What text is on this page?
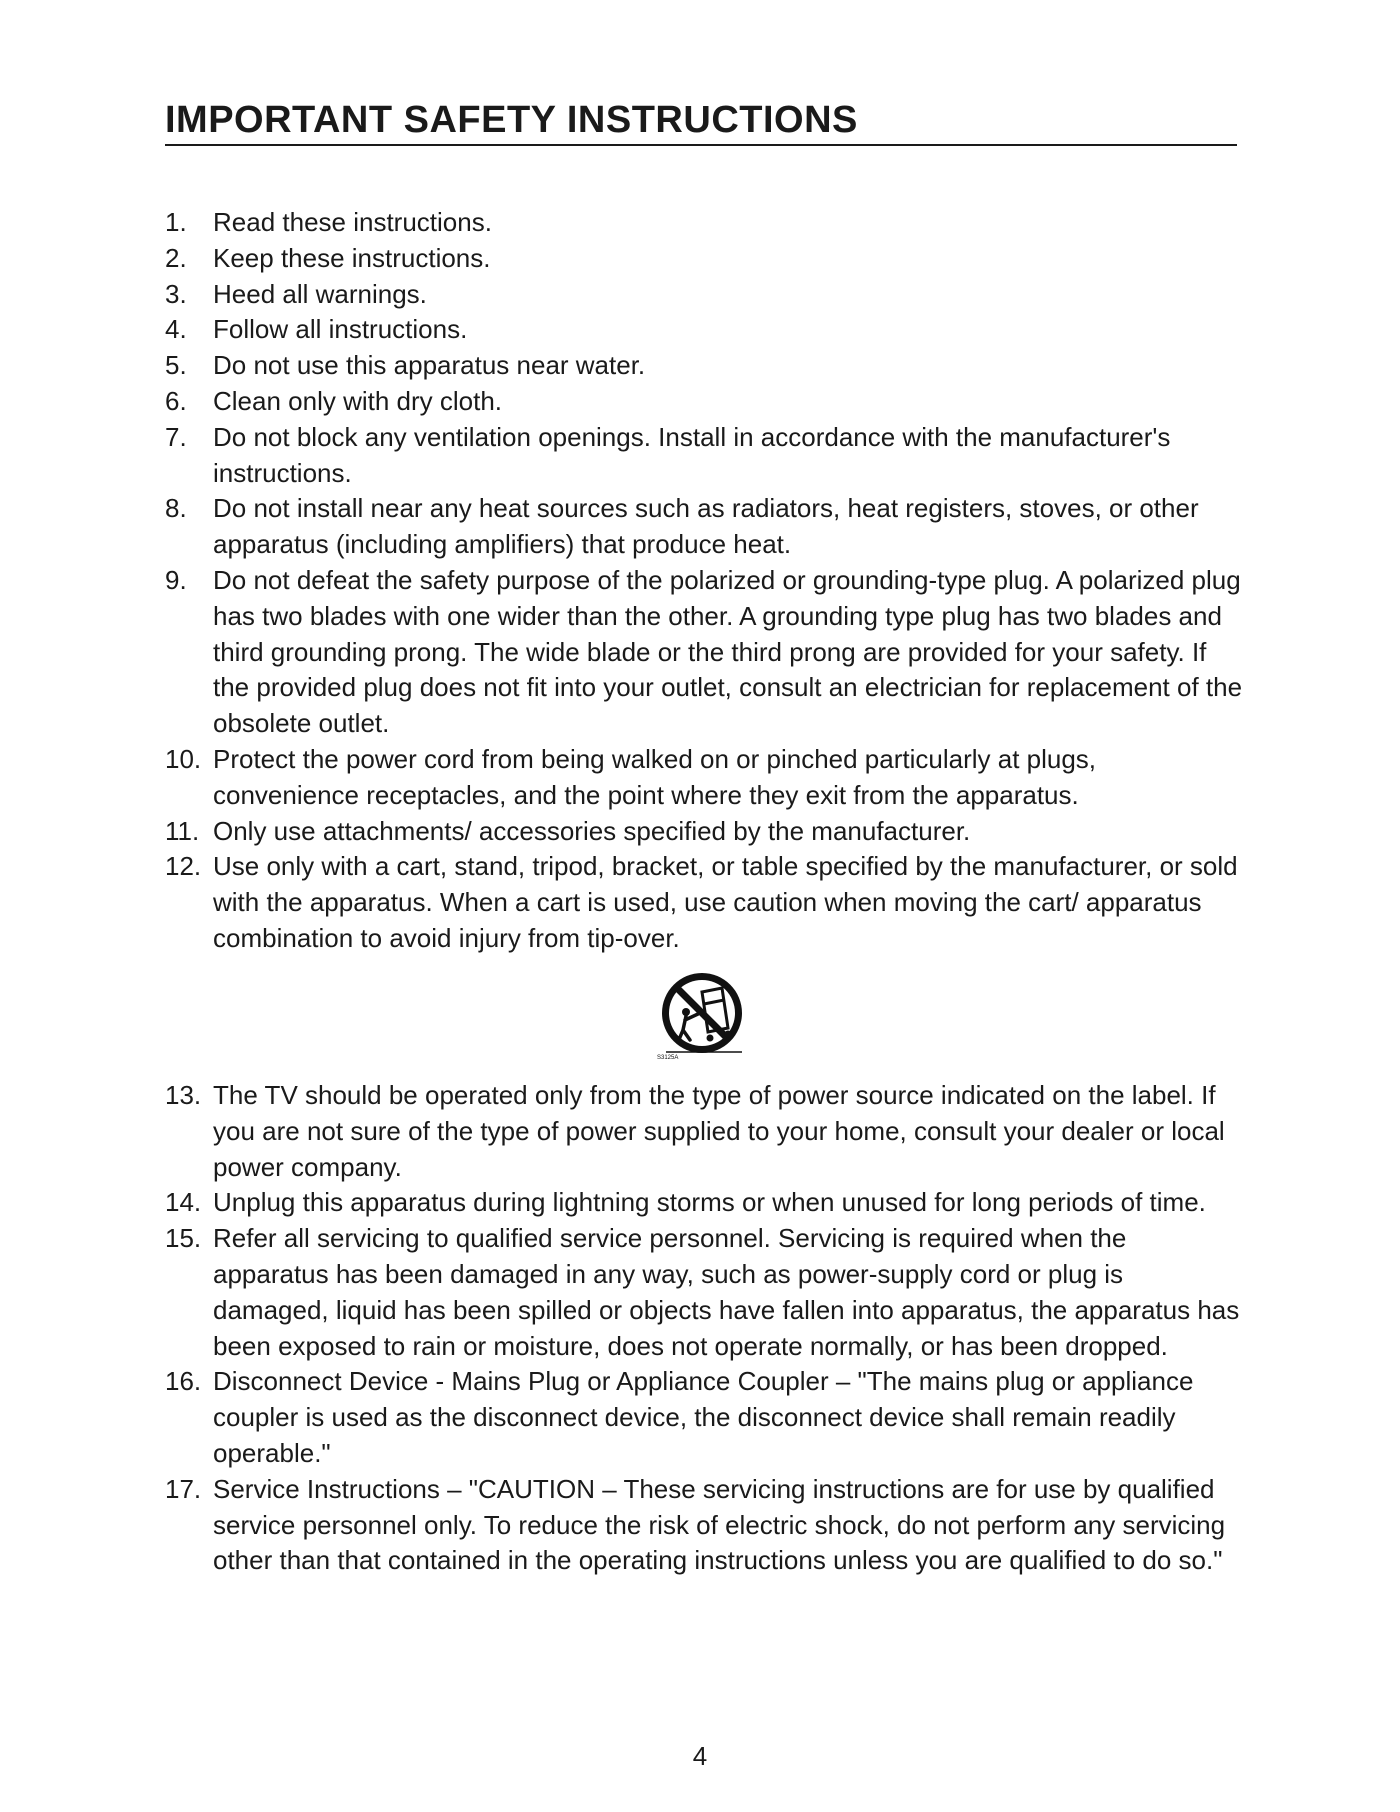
IMPORTANT SAFETY INSTRUCTIONS
1. Read these instructions.
2. Keep these instructions.
3. Heed all warnings.
4. Follow all instructions.
5. Do not use this apparatus near water.
6. Clean only with dry cloth.
7. Do not block any ventilation openings. Install in accordance with the manufacturer's instructions.
8. Do not install near any heat sources such as radiators, heat registers, stoves, or other apparatus (including amplifiers) that produce heat.
9. Do not defeat the safety purpose of the polarized or grounding-type plug. A polarized plug has two blades with one wider than the other. A grounding type plug has two blades and third grounding prong. The wide blade or the third prong are provided for your safety. If the provided plug does not fit into your outlet, consult an electrician for replacement of the obsolete outlet.
10. Protect the power cord from being walked on or pinched particularly at plugs, convenience receptacles, and the point where they exit from the apparatus.
11. Only use attachments/ accessories specified by the manufacturer.
12. Use only with a cart, stand, tripod, bracket, or table specified by the manufacturer, or sold with the apparatus. When a cart is used, use caution when moving the cart/ apparatus combination to avoid injury from tip-over.
S3125A
13. The TV should be operated only from the type of power source indicated on the label. If you are not sure of the type of power supplied to your home, consult your dealer or local power company.
14. Unplug this apparatus during lightning storms or when unused for long periods of time.
15. Refer all servicing to qualified service personnel. Servicing is required when the apparatus has been damaged in any way, such as power-supply cord or plug is damaged, liquid has been spilled or objects have fallen into apparatus, the apparatus has been exposed to rain or moisture, does not operate normally, or has been dropped.
16. Disconnect Device - Mains Plug or Appliance Coupler – "The mains plug or appliance coupler is used as the disconnect device, the disconnect device shall remain readily operable."
17. Service Instructions – "CAUTION – These servicing instructions are for use by qualified service personnel only. To reduce the risk of electric shock, do not perform any servicing other than that contained in the operating instructions unless you are qualified to do so."
4
